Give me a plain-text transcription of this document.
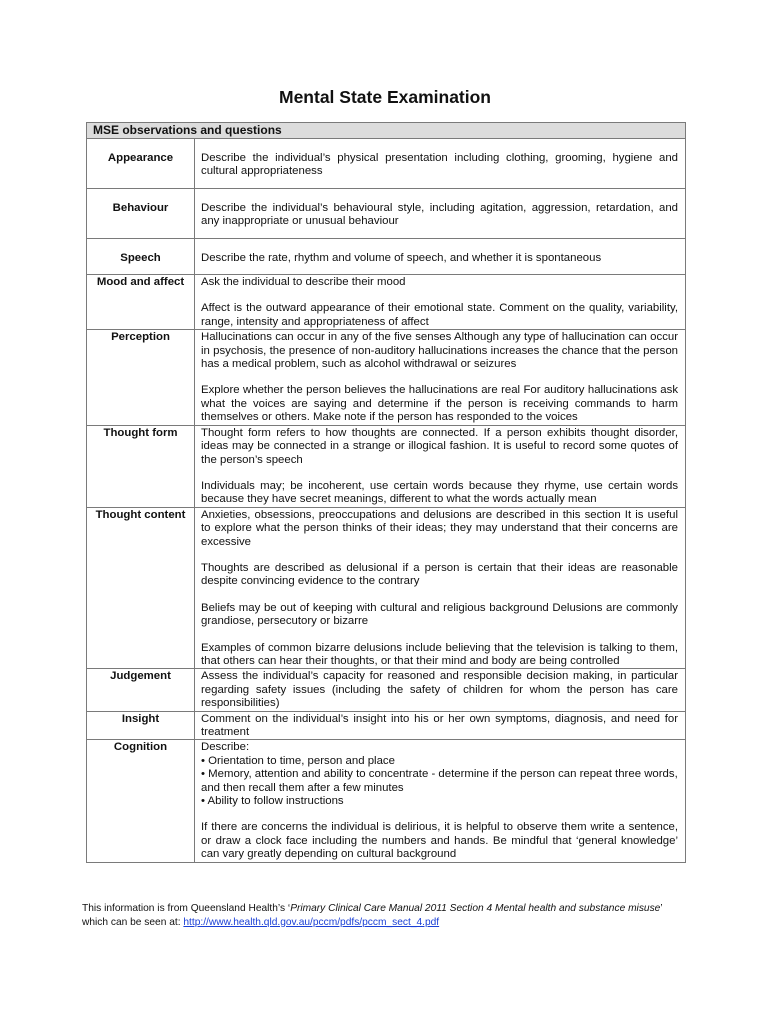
Mental State Examination
MSE observations and questions	
Appearance	Describe the individual’s physical presentation including clothing, grooming, hygiene and cultural appropriateness

Behaviour	Describe the individual’s behavioural style, including agitation, aggression, retardation, and any inappropriate or unusual behaviour

Speech	Describe the rate, rhythm and volume of speech, and whether it is spontaneous

Mood and affect	Ask the individual to describe their mood

Affect is the outward appearance of their emotional state. Comment on the quality, variability, range, intensity and appropriateness of affect

Perception	Hallucinations can occur in any of the five senses Although any type of hallucination can occur in psychosis, the presence of non-auditory hallucinations increases the chance that the person has a medical problem, such as alcohol withdrawal or seizures

Explore whether the person believes the hallucinations are real For auditory hallucinations ask what the voices are saying and determine if the person is receiving commands to harm themselves or others. Make note if the person has responded to the voices

Thought form	Thought form refers to how thoughts are connected. If a person exhibits thought disorder, ideas may be connected in a strange or illogical fashion. It is useful to record some quotes of the person’s speech

Individuals may; be incoherent, use certain words because they rhyme, use certain words because they have secret meanings, different to what the words actually mean

Thought content	Anxieties, obsessions, preoccupations and delusions are described in this section It is useful to explore what the person thinks of their ideas; they may understand that their concerns are excessive

Thoughts are described as delusional if a person is certain that their ideas are reasonable despite convincing evidence to the contrary

Beliefs may be out of keeping with cultural and religious background Delusions are commonly grandiose, persecutory or bizarre

Examples of common bizarre delusions include believing that the television is talking to them, that others can hear their thoughts, or that their mind and body are being controlled

Judgement	Assess the individual’s capacity for reasoned and responsible decision making, in particular regarding safety issues (including the safety of children for whom the person has care responsibilities)

Insight	Comment on the individual’s insight into his or her own symptoms, diagnosis, and need for treatment

Cognition	Describe:
• Orientation to time, person and place
• Memory, attention and ability to concentrate - determine if the person can repeat three words, and then recall them after a few minutes
• Ability to follow instructions

If there are concerns the individual is delirious, it is helpful to observe them write a sentence, or draw a clock face including the numbers and hands. Be mindful that ‘general knowledge’ can vary greatly depending on cultural background

This information is from Queensland Health’s ‘Primary Clinical Care Manual 2011 Section 4 Mental health and substance misuse’ which can be seen at: http://www.health.qld.gov.au/pccm/pdfs/pccm_sect_4.pdf
